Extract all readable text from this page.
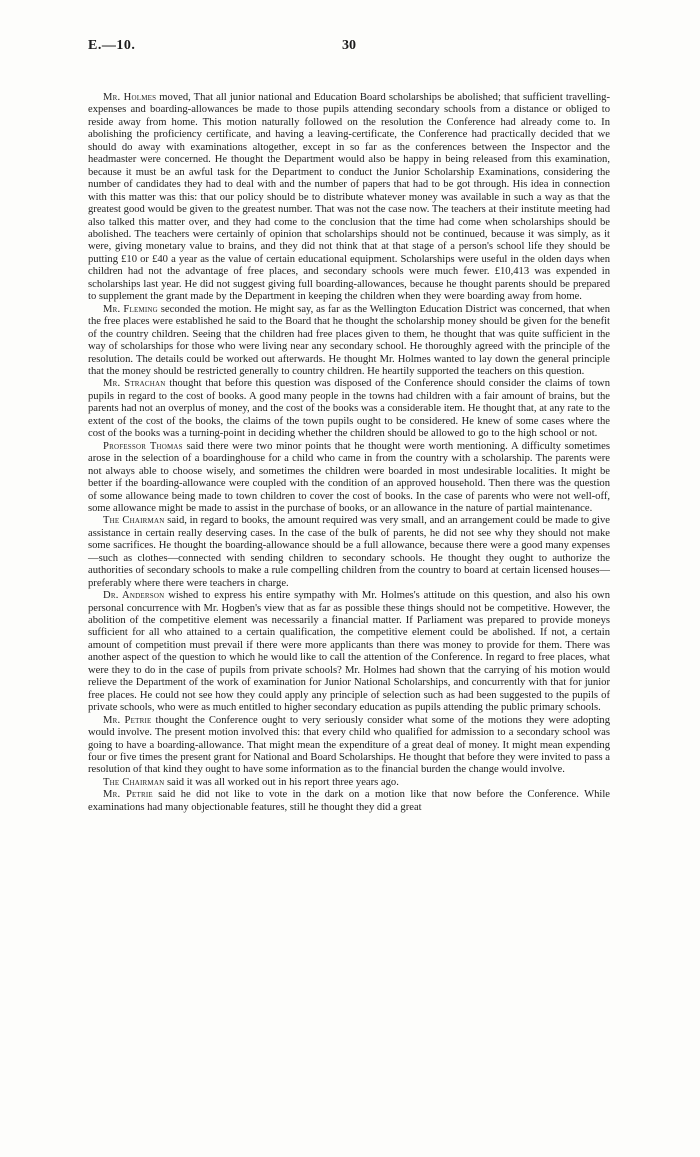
30
E.—10.

Mr. Holmes moved, That all junior national and Education Board scholarships be abolished; that sufficient travelling-expenses and boarding-allowances be made to those pupils attending secondary schools from a distance or obliged to reside away from home. This motion naturally followed on the resolution the Conference had already come to. In abolishing the proficiency certificate, and having a leaving-certificate, the Conference had practically decided that we should do away with examinations altogether, except in so far as the conferences between the Inspector and the headmaster were concerned. He thought the Department would also be happy in being released from this examination, because it must be an awful task for the Department to conduct the Junior Scholarship Examinations, considering the number of candidates they had to deal with and the number of papers that had to be got through. His idea in connection with this matter was this: that our policy should be to distribute whatever money was available in such a way as that the greatest good would be given to the greatest number. That was not the case now. The teachers at their institute meeting had also talked this matter over, and they had come to the conclusion that the time had come when scholarships should be abolished. The teachers were certainly of opinion that scholarships should not be continued, because it was simply, as it were, giving monetary value to brains, and they did not think that at that stage of a person's school life they should be putting £10 or £40 a year as the value of certain educational equipment. Scholarships were useful in the olden days when children had not the advantage of free places, and secondary schools were much fewer. £10,413 was expended in scholarships last year. He did not suggest giving full boarding-allowances, because he thought parents should be prepared to supplement the grant made by the Department in keeping the children when they were boarding away from home.

Mr. Fleming seconded the motion. He might say, as far as the Wellington Education District was concerned, that when the free places were established he said to the Board that he thought the scholarship money should be given for the benefit of the country children. Seeing that the children had free places given to them, he thought that was quite sufficient in the way of scholarships for those who were living near any secondary school. He thoroughly agreed with the principle of the resolution. The details could be worked out afterwards. He thought Mr. Holmes wanted to lay down the general principle that the money should be restricted generally to country children. He heartily supported the teachers on this question.

Mr. Strachan thought that before this question was disposed of the Conference should consider the claims of town pupils in regard to the cost of books. A good many people in the towns had children with a fair amount of brains, but the parents had not an overplus of money, and the cost of the books was a considerable item. He thought that, at any rate to the extent of the cost of the books, the claims of the town pupils ought to be considered. He knew of some cases where the cost of the books was a turning-point in deciding whether the children should be allowed to go to the high school or not.

Professor Thomas said there were two minor points that he thought were worth mentioning. A difficulty sometimes arose in the selection of a boardinghouse for a child who came in from the country with a scholarship. The parents were not always able to choose wisely, and sometimes the children were boarded in most undesirable localities. It might be better if the boarding-allowance were coupled with the condition of an approved household. Then there was the question of some allowance being made to town children to cover the cost of books. In the case of parents who were not well-off, some allowance might be made to assist in the purchase of books, or an allowance in the nature of partial maintenance.

The Chairman said, in regard to books, the amount required was very small, and an arrangement could be made to give assistance in certain really deserving cases. In the case of the bulk of parents, he did not see why they should not make some sacrifices. He thought the boarding-allowance should be a full allowance, because there were a good many expenses—such as clothes—connected with sending children to secondary schools. He thought they ought to authorize the authorities of secondary schools to make a rule compelling children from the country to board at certain licensed houses—preferably where there were teachers in charge.

Dr. Anderson wished to express his entire sympathy with Mr. Holmes's attitude on this question, and also his own personal concurrence with Mr. Hogben's view that as far as possible these things should not be competitive. However, the abolition of the competitive element was necessarily a financial matter. If Parliament was prepared to provide moneys sufficient for all who attained to a certain qualification, the competitive element could be abolished. If not, a certain amount of competition must prevail if there were more applicants than there was money to provide for them. There was another aspect of the question to which he would like to call the attention of the Conference. In regard to free places, what were they to do in the case of pupils from private schools? Mr. Holmes had shown that the carrying of his motion would relieve the Department of the work of examination for Junior National Scholarships, and concurrently with that for junior free places. He could not see how they could apply any principle of selection such as had been suggested to the pupils of private schools, who were as much entitled to higher secondary education as pupils attending the public primary schools.

Mr. Petrie thought the Conference ought to very seriously consider what some of the motions they were adopting would involve. The present motion involved this: that every child who qualified for admission to a secondary school was going to have a boarding-allowance. That might mean the expenditure of a great deal of money. It might mean expending four or five times the present grant for National and Board Scholarships. He thought that before they were invited to pass a resolution of that kind they ought to have some information as to the financial burden the change would involve.

The Chairman said it was all worked out in his report three years ago.

Mr. Petrie said he did not like to vote in the dark on a motion like that now before the Conference. While examinations had many objectionable features, still he thought they did a great
